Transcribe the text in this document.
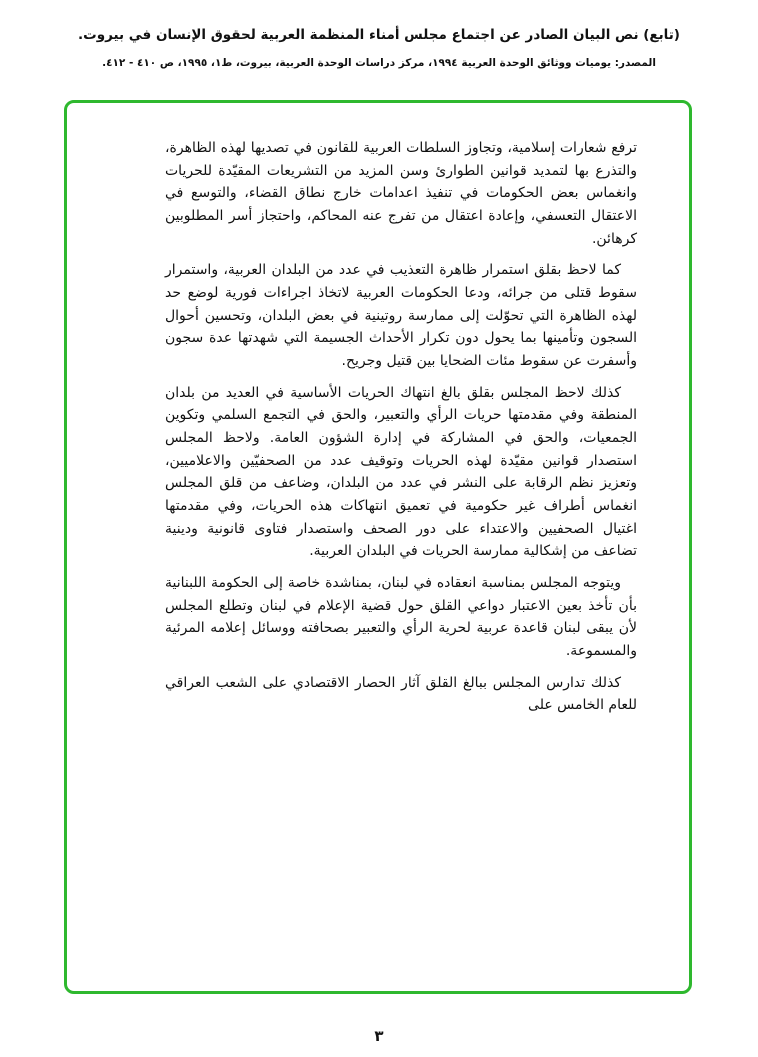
(تابع) نص البيان الصادر عن اجتماع مجلس أمناء المنظمة العربية لحقوق الإنسان في بيروت.
المصدر: يوميات ووثائق الوحدة العربية ١٩٩٤، مركز دراسات الوحدة العربية، بيروت، ط١، ١٩٩٥، ص ٤١٠ - ٤١٢.

ترفع شعارات إسلامية، وتجاوز السلطات العربية للقانون في تصديها لهذه الظاهرة، والتذرع بها لتمديد قوانين الطوارئ وسن المزيد من التشريعات المقيّدة للحريات وانغماس بعض الحكومات في تنفيذ اعدامات خارج نطاق القضاء، والتوسع في الاعتقال التعسفي، وإعادة اعتقال من تفرج عنه المحاكم، واحتجاز أسر المطلوبين كرهائن.

كما لاحظ بقلق استمرار ظاهرة التعذيب في عدد من البلدان العربية، واستمرار سقوط قتلى من جرائه، ودعا الحكومات العربية لاتخاذ اجراءات فورية لوضع حد لهذه الظاهرة التي تحوّلت إلى ممارسة روتينية في بعض البلدان، وتحسين أحوال السجون وتأمينها بما يحول دون تكرار الأحداث الجسيمة التي شهدتها عدة سجون وأسفرت عن سقوط مئات الضحايا بين قتيل وجريح.

كذلك لاحظ المجلس بقلق بالغ انتهاك الحريات الأساسية في العديد من بلدان المنطقة وفي مقدمتها حريات الرأي والتعبير، والحق في التجمع السلمي وتكوين الجمعيات، والحق في المشاركة في إدارة الشؤون العامة. ولاحظ المجلس استصدار قوانين مقيّدة لهذه الحريات وتوقيف عدد من الصحفيّين والاعلاميين، وتعزيز نظم الرقابة على النشر في عدد من البلدان، وضاعف من قلق المجلس انغماس أطراف غير حكومية في تعميق انتهاكات هذه الحريات، وفي مقدمتها اغتيال الصحفيين والاعتداء على دور الصحف واستصدار فتاوى قانونية ودينية تضاعف من إشكالية ممارسة الحريات في البلدان العربية.

ويتوجه المجلس بمناسبة انعقاده في لبنان، بمناشدة خاصة إلى الحكومة اللبنانية بأن تأخذ بعين الاعتبار دواعي القلق حول قضية الإعلام في لبنان وتطلع المجلس لأن يبقى لبنان قاعدة عربية لحرية الرأي والتعبير بصحافته ووسائل إعلامه المرئية والمسموعة.

كذلك تدارس المجلس ببالغ القلق آثار الحصار الاقتصادي على الشعب العراقي للعام الخامس على

٣
